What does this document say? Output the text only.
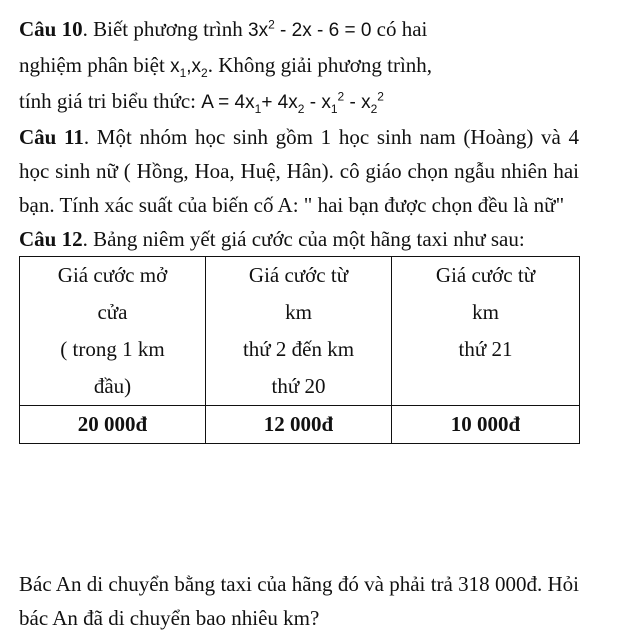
Câu 10. Biết phương trình $3x^2 - 2x - 6 = 0$ có hai
nghiệm phân biệt $x_1,x_2$. Không giải phương trình,
tính giá tri biểu thức: $A = 4x_1+ 4x_2 - x_1^2 - x_2^2$

Câu 11. Một nhóm học sinh gồm 1 học sinh nam (Hoàng) và 4 học sinh nữ ( Hồng, Hoa, Huệ, Hân). cô giáo chọn ngẫu nhiên hai bạn. Tính xác suất của biến cố A: " hai bạn được chọn đều là nữ"

Câu 12. Bảng niêm yết giá cước của một hãng taxi như sau:

Giá cước mở
cửa
( trong 1 km
đầu)	Giá cước từ
km
thứ 2 đến km
thứ 20	Giá cước từ
km
thứ 21

20 000đ	12 000đ	10 000đ

Bác An di chuyển bằng taxi của hãng đó và phải trả 318 000đ. Hỏi bác An đã di chuyển bao nhiêu km?
